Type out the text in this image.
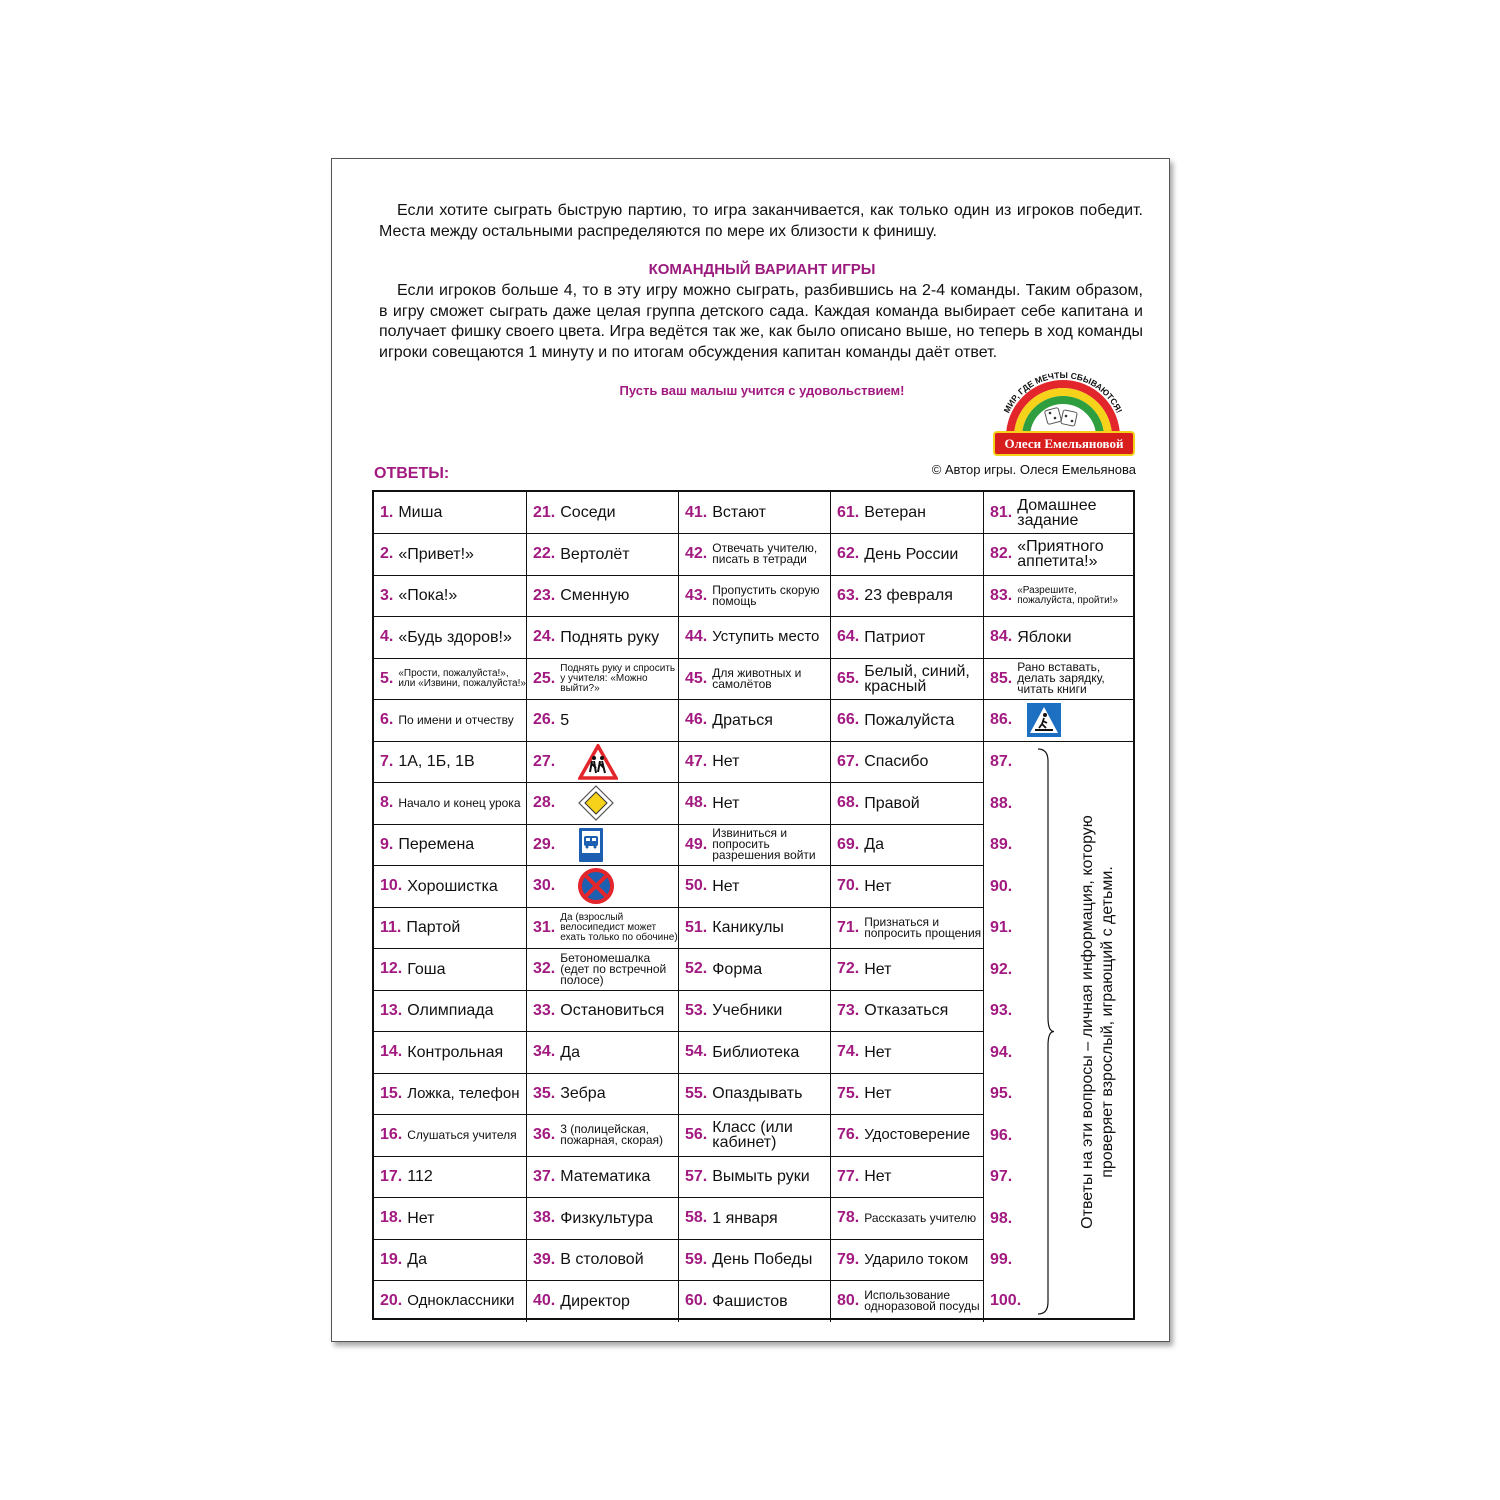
Если хотите сыграть быструю партию, то игра заканчивается, как только один из игроков победит. Места между остальными распределяются по мере их близости к финишу.

КОМАНДНЫЙ ВАРИАНТ ИГРЫ

Если игроков больше 4, то в эту игру можно сыграть, разбившись на 2-4 команды. Таким образом, в игру сможет сыграть даже целая группа детского сада. Каждая команда выбирает себе капитана и получает фишку своего цвета. Игра ведётся так же, как было описано выше, но теперь в ход команды игроки совещаются 1 минуту и по итогам обсуждения капитан команды даёт ответ.

Пусть ваш малыш учится с удовольствием!
МИР, ГДЕ МЕЧТЫ СБЫВАЮТСЯ!
Олеси Емельяновой
ОТВЕТЫ:	© Автор игры. Олеся Емельянова
1. Миша
2. «Привет!»
3. «Пока!»
4. «Будь здоров!»
5. «Прости, пожалуйста!», или «Извини, пожалуйста!»
6. По имени и отчеству
7. 1А, 1Б, 1В
8. Начало и конец урока
9. Перемена
10. Хорошистка
11. Партой
12. Гоша
13. Олимпиада
14. Контрольная
15. Ложка, телефон
16. Слушаться учителя
17. 112
18. Нет
19. Да
20. Одноклассники
21. Соседи
22. Вертолёт
23. Сменную
24. Поднять руку
25.
Поднять руку и спросить у учителя: «Можно выйти?»
26. 5
27.
28.
29.
30.
31.
Да (взрослый велосипедист может ехать только по обочине)
32.
Бетономешалка (едет по встречной полосе)
33. Остановиться
34. Да
35. Зебра
36. 3 (полицейская, пожарная, скорая)
37. Математика
38. Физкультура
39. В столовой
40. Директор
41. Встают
42. Отвечать учителю, писать в тетради
43. Пропустить скорую помощь
44. Уступить место
45. Для животных и самолётов
46. Драться
47. Нет
48. Нет
49.
Извиниться и попросить разрешения войти
50. Нет
51. Каникулы
52. Форма
53. Учебники
54. Библиотека
55. Опаздывать
56. Класс (или кабинет)
57. Вымыть руки
58. 1 января
59. День Победы
60. Фашистов
61. Ветеран
62. День России
63. 23 февраля
64. Патриот
65. Белый, синий, красный
66. Пожалуйста
67. Спасибо
68. Правой
69. Да
70. Нет
71. Признаться и попросить прощения
72. Нет
73. Отказаться
74. Нет
75. Нет
76. Удостоверение
77. Нет
78. Рассказать учителю
79. Ударило током
80. Использование одноразовой посуды
81. Домашнее задание
82. «Приятного аппетита!»
83. «Разрешите, пожалуйста, пройти!»
84. Яблоки
85.
Рано вставать, делать зарядку, читать книги
86.
87.
88.
89.
90.
91.
92.
93.
94.
95.
96.
97.
98.
99.
100.
Ответы на эти вопросы – личная информация, которую проверяет взрослый, играющий с детьми.
